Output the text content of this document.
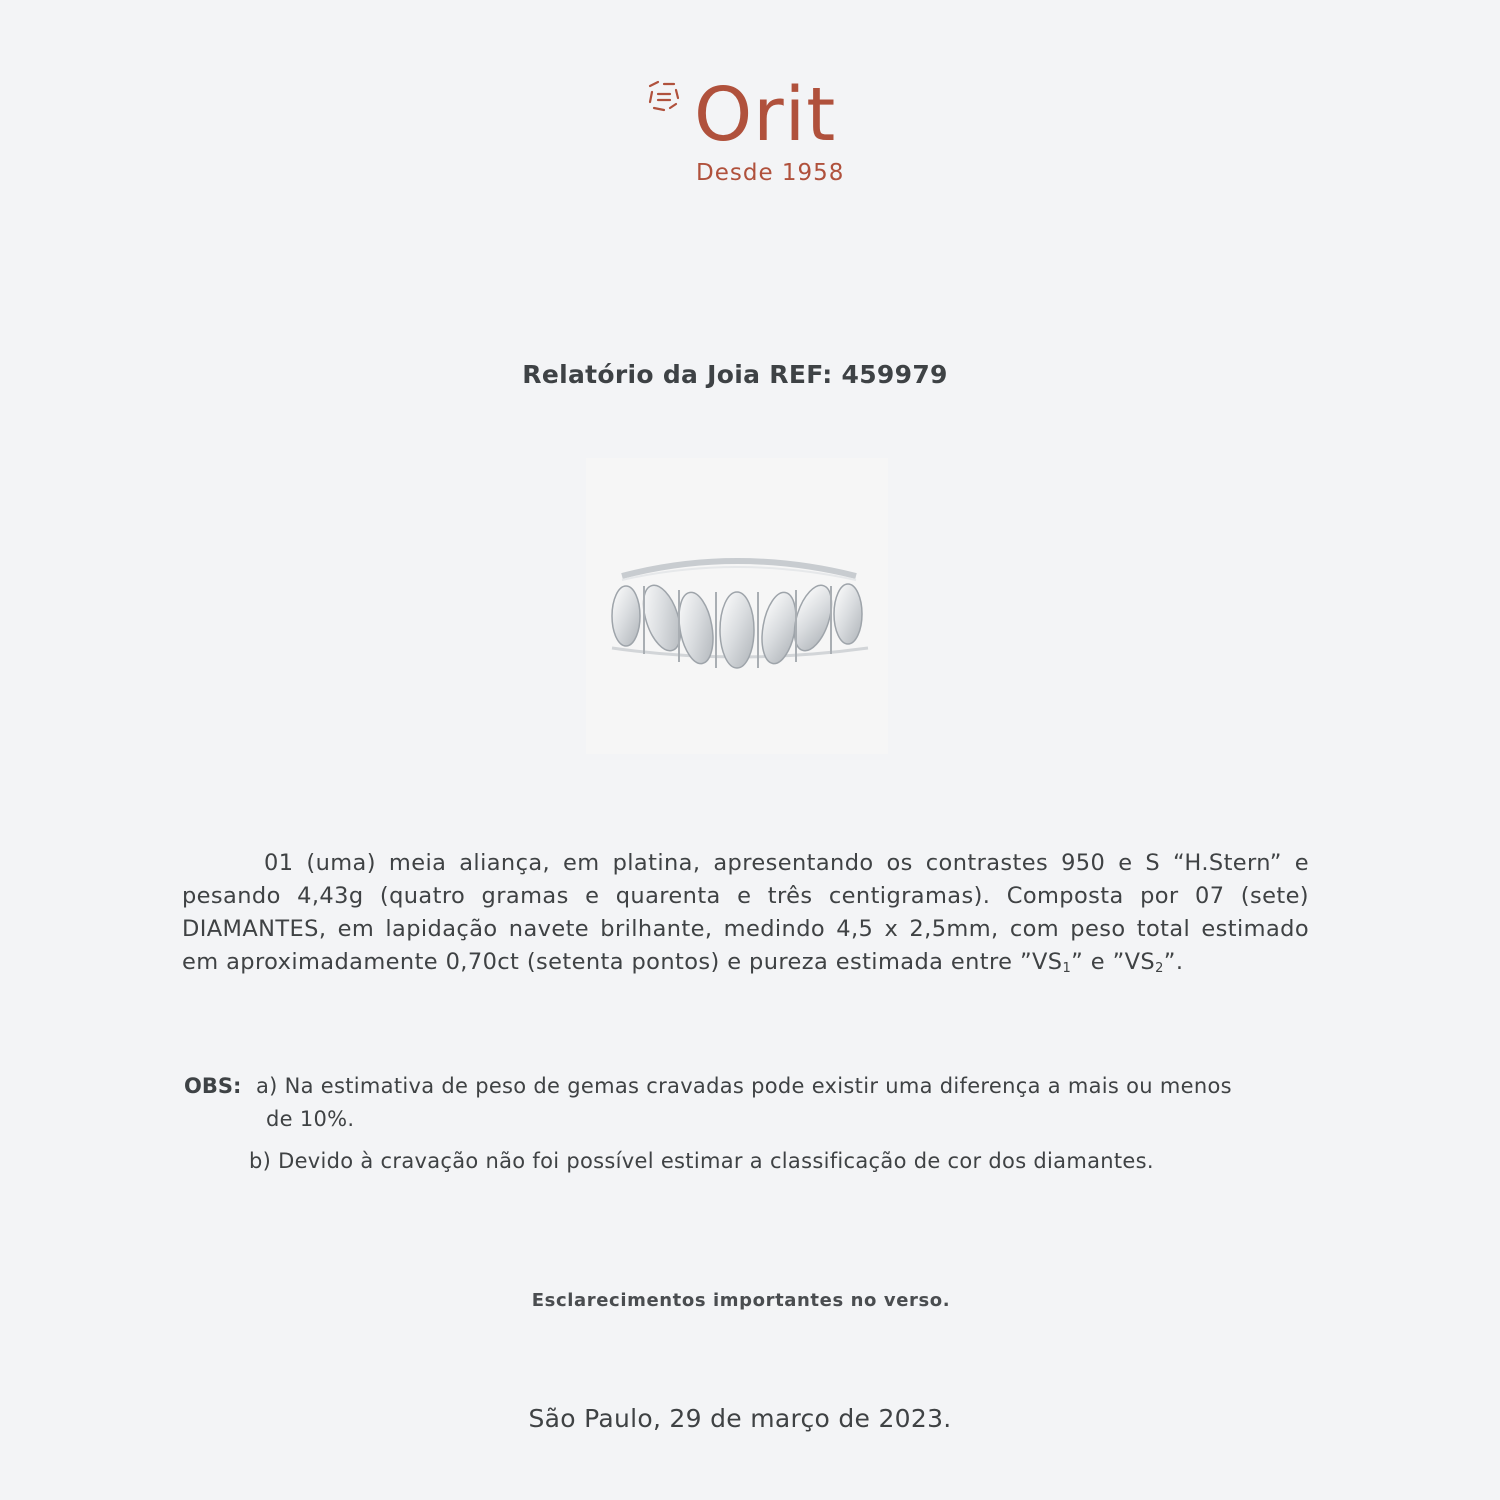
Orit
Desde 1958
Relatório da Joia REF: 459979

01 (uma) meia aliança, em platina, apresentando os contrastes 950 e S “H.Stern” e pesando 4,43g (quatro gramas e quarenta e três centigramas). Composta por 07 (sete) DIAMANTES, em lapidação navete brilhante, medindo 4,5 x 2,5mm, com peso total estimado em aproximadamente 0,70ct (setenta pontos) e pureza estimada entre $”VS_1$” e $”VS_2$”.

OBS: a) Na estimativa de peso de gemas cravadas pode existir uma diferença a mais ou menos
de 10%.
b) Devido à cravação não foi possível estimar a classificação de cor dos diamantes.
Esclarecimentos importantes no verso.
São Paulo, 29 de março de 2023.
